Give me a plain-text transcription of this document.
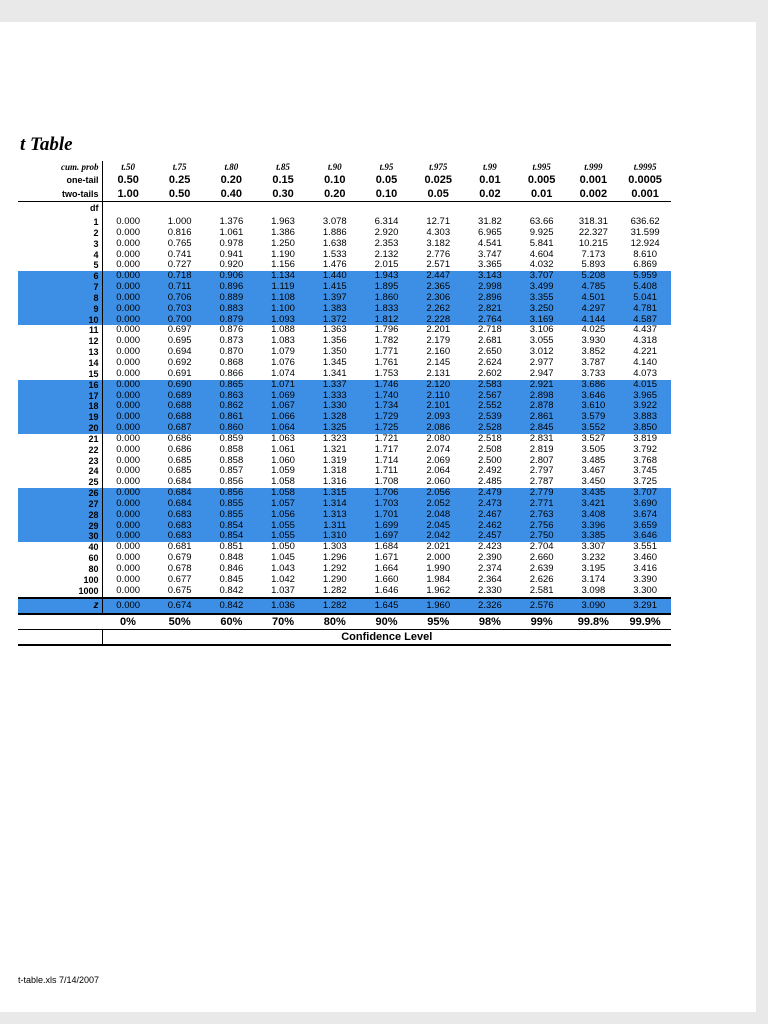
t Table
cum. prob	t.50	t.75	t.80	t.85	t.90	t.95	t.975	t.99	t.995	t.999	t.9995
one-tail	0.50	0.25	0.20	0.15	0.10	0.05	0.025	0.01	0.005	0.001	0.0005
two-tails	1.00	0.50	0.40	0.30	0.20	0.10	0.05	0.02	0.01	0.002	0.001
df											
1	0.000	1.000	1.376	1.963	3.078	6.314	12.71	31.82	63.66	318.31	636.62
2	0.000	0.816	1.061	1.386	1.886	2.920	4.303	6.965	9.925	22.327	31.599
3	0.000	0.765	0.978	1.250	1.638	2.353	3.182	4.541	5.841	10.215	12.924
4	0.000	0.741	0.941	1.190	1.533	2.132	2.776	3.747	4.604	7.173	8.610
5	0.000	0.727	0.920	1.156	1.476	2.015	2.571	3.365	4.032	5.893	6.869
6	0.000	0.718	0.906	1.134	1.440	1.943	2.447	3.143	3.707	5.208	5.959
7	0.000	0.711	0.896	1.119	1.415	1.895	2.365	2.998	3.499	4.785	5.408
8	0.000	0.706	0.889	1.108	1.397	1.860	2.306	2.896	3.355	4.501	5.041
9	0.000	0.703	0.883	1.100	1.383	1.833	2.262	2.821	3.250	4.297	4.781
10	0.000	0.700	0.879	1.093	1.372	1.812	2.228	2.764	3.169	4.144	4.587
11	0.000	0.697	0.876	1.088	1.363	1.796	2.201	2.718	3.106	4.025	4.437
12	0.000	0.695	0.873	1.083	1.356	1.782	2.179	2.681	3.055	3.930	4.318
13	0.000	0.694	0.870	1.079	1.350	1.771	2.160	2.650	3.012	3.852	4.221
14	0.000	0.692	0.868	1.076	1.345	1.761	2.145	2.624	2.977	3.787	4.140
15	0.000	0.691	0.866	1.074	1.341	1.753	2.131	2.602	2.947	3.733	4.073
16	0.000	0.690	0.865	1.071	1.337	1.746	2.120	2.583	2.921	3.686	4.015
17	0.000	0.689	0.863	1.069	1.333	1.740	2.110	2.567	2.898	3.646	3.965
18	0.000	0.688	0.862	1.067	1.330	1.734	2.101	2.552	2.878	3.610	3.922
19	0.000	0.688	0.861	1.066	1.328	1.729	2.093	2.539	2.861	3.579	3.883
20	0.000	0.687	0.860	1.064	1.325	1.725	2.086	2.528	2.845	3.552	3.850
21	0.000	0.686	0.859	1.063	1.323	1.721	2.080	2.518	2.831	3.527	3.819
22	0.000	0.686	0.858	1.061	1.321	1.717	2.074	2.508	2.819	3.505	3.792
23	0.000	0.685	0.858	1.060	1.319	1.714	2.069	2.500	2.807	3.485	3.768
24	0.000	0.685	0.857	1.059	1.318	1.711	2.064	2.492	2.797	3.467	3.745
25	0.000	0.684	0.856	1.058	1.316	1.708	2.060	2.485	2.787	3.450	3.725
26	0.000	0.684	0.856	1.058	1.315	1.706	2.056	2.479	2.779	3.435	3.707
27	0.000	0.684	0.855	1.057	1.314	1.703	2.052	2.473	2.771	3.421	3.690
28	0.000	0.683	0.855	1.056	1.313	1.701	2.048	2.467	2.763	3.408	3.674
29	0.000	0.683	0.854	1.055	1.311	1.699	2.045	2.462	2.756	3.396	3.659
30	0.000	0.683	0.854	1.055	1.310	1.697	2.042	2.457	2.750	3.385	3.646
40	0.000	0.681	0.851	1.050	1.303	1.684	2.021	2.423	2.704	3.307	3.551
60	0.000	0.679	0.848	1.045	1.296	1.671	2.000	2.390	2.660	3.232	3.460
80	0.000	0.678	0.846	1.043	1.292	1.664	1.990	2.374	2.639	3.195	3.416
100	0.000	0.677	0.845	1.042	1.290	1.660	1.984	2.364	2.626	3.174	3.390
1000	0.000	0.675	0.842	1.037	1.282	1.646	1.962	2.330	2.581	3.098	3.300
z	0.000	0.674	0.842	1.036	1.282	1.645	1.960	2.326	2.576	3.090	3.291
	0%	50%	60%	70%	80%	90%	95%	98%	99%	99.8%	99.9%
	Confidence Level										
t-table.xls 7/14/2007
